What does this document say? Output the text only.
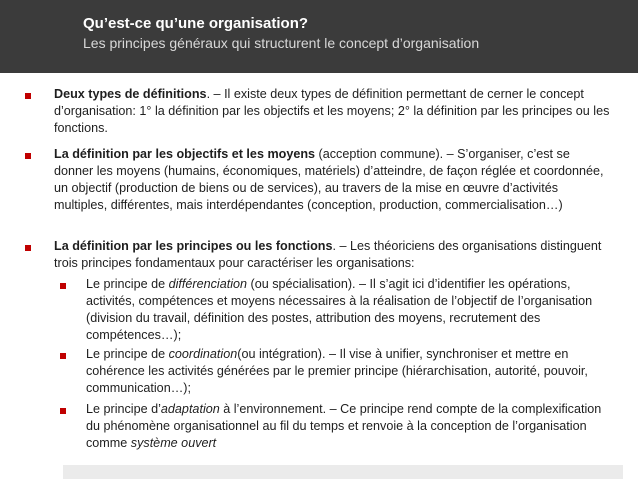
Qu’est-ce qu’une organisation?
Les principes généraux qui structurent le concept d’organisation
Deux types de définitions. – Il existe deux types de définition permettant de cerner le concept d’organisation: 1° la définition par les objectifs et les moyens; 2° la définition par les principes ou les fonctions.
La définition par les objectifs et les moyens (acception commune). – S’organiser, c’est se donner les moyens (humains, économiques, matériels) d’atteindre, de façon réglée et coordonnée, un objectif (production de biens ou de services), au travers de la mise en œuvre d’activités multiples, différentes, mais interdépendantes (conception, production, commercialisation…)
La définition par les principes ou les fonctions. – Les théoriciens des organisations distinguent trois principes fondamentaux pour caractériser les organisations:
Le principe de différenciation (ou spécialisation). – Il s’agit ici d’identifier les opérations, activités, compétences et moyens nécessaires à la réalisation de l’objectif de l’organisation (division du travail, définition des postes, attribution des moyens, recrutement des compétences…);
Le principe de coordination(ou intégration). – Il vise à unifier, synchroniser et mettre en cohérence les activités générées par le premier principe (hiérarchisation, autorité, pouvoir, communication…);
Le principe d’adaptation à l’environnement. – Ce principe rend compte de la complexification du phénomène organisationnel au fil du temps et renvoie à la conception de l’organisation comme système ouvert
